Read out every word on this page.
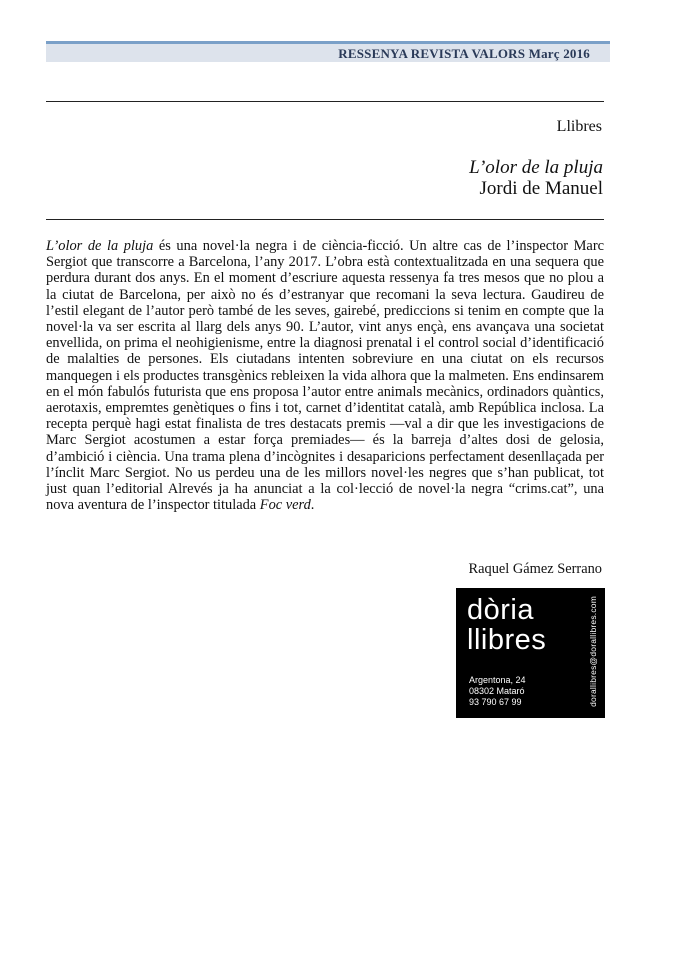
RESSENYA REVISTA VALORS Març 2016
Llibres
L’olor de la pluja
Jordi de Manuel

L’olor de la pluja és una novel·la negra i de ciència-ficció. Un altre cas de l’inspector Marc Sergiot que transcorre a Barcelona, l’any 2017. L’obra està contextualitzada en una sequera que perdura durant dos anys. En el moment d’escriure aquesta ressenya fa tres mesos que no plou a la ciutat de Barcelona, per això no és d’estranyar que recomani la seva lectura. Gaudireu de l’estil elegant de l’autor però també de les seves, gairebé, prediccions si tenim en compte que la novel·la va ser escrita al llarg dels anys 90. L’autor, vint anys ençà, ens avançava una societat envellida, on prima el neohigienisme, entre la diagnosi prenatal i el control social d’identificació de malalties de persones. Els ciutadans intenten sobreviure en una ciutat on els recursos manquegen i els productes transgènics rebleixen la vida alhora que la malmeten. Ens endinsarem en el món fabulós futurista que ens proposa l’autor entre animals mecànics, ordinadors quàntics, aerotaxis, empremtes genètiques o fins i tot, carnet d’identitat català, amb República inclosa. La recepta perquè hagi estat finalista de tres destacats premis —val a dir que les investigacions de Marc Sergiot acostumen a estar força premiades— és la barreja d’altes dosi de gelosia, d’ambició i ciència. Una trama plena d’incògnites i desaparicions perfectament desenllaçada per l’ínclit Marc Sergiot. No us perdeu una de les millors novel·les negres que s’han publicat, tot just quan l’editorial Alrevés ja ha anunciat a la col·lecció de novel·la negra “crims.cat”, una nova aventura de l’inspector titulada Foc verd.

Raquel Gámez Serrano
dòria
llibres
Argentona, 24
08302 Mataró
93 790 67 99	dorallibres@dorallibres.com
